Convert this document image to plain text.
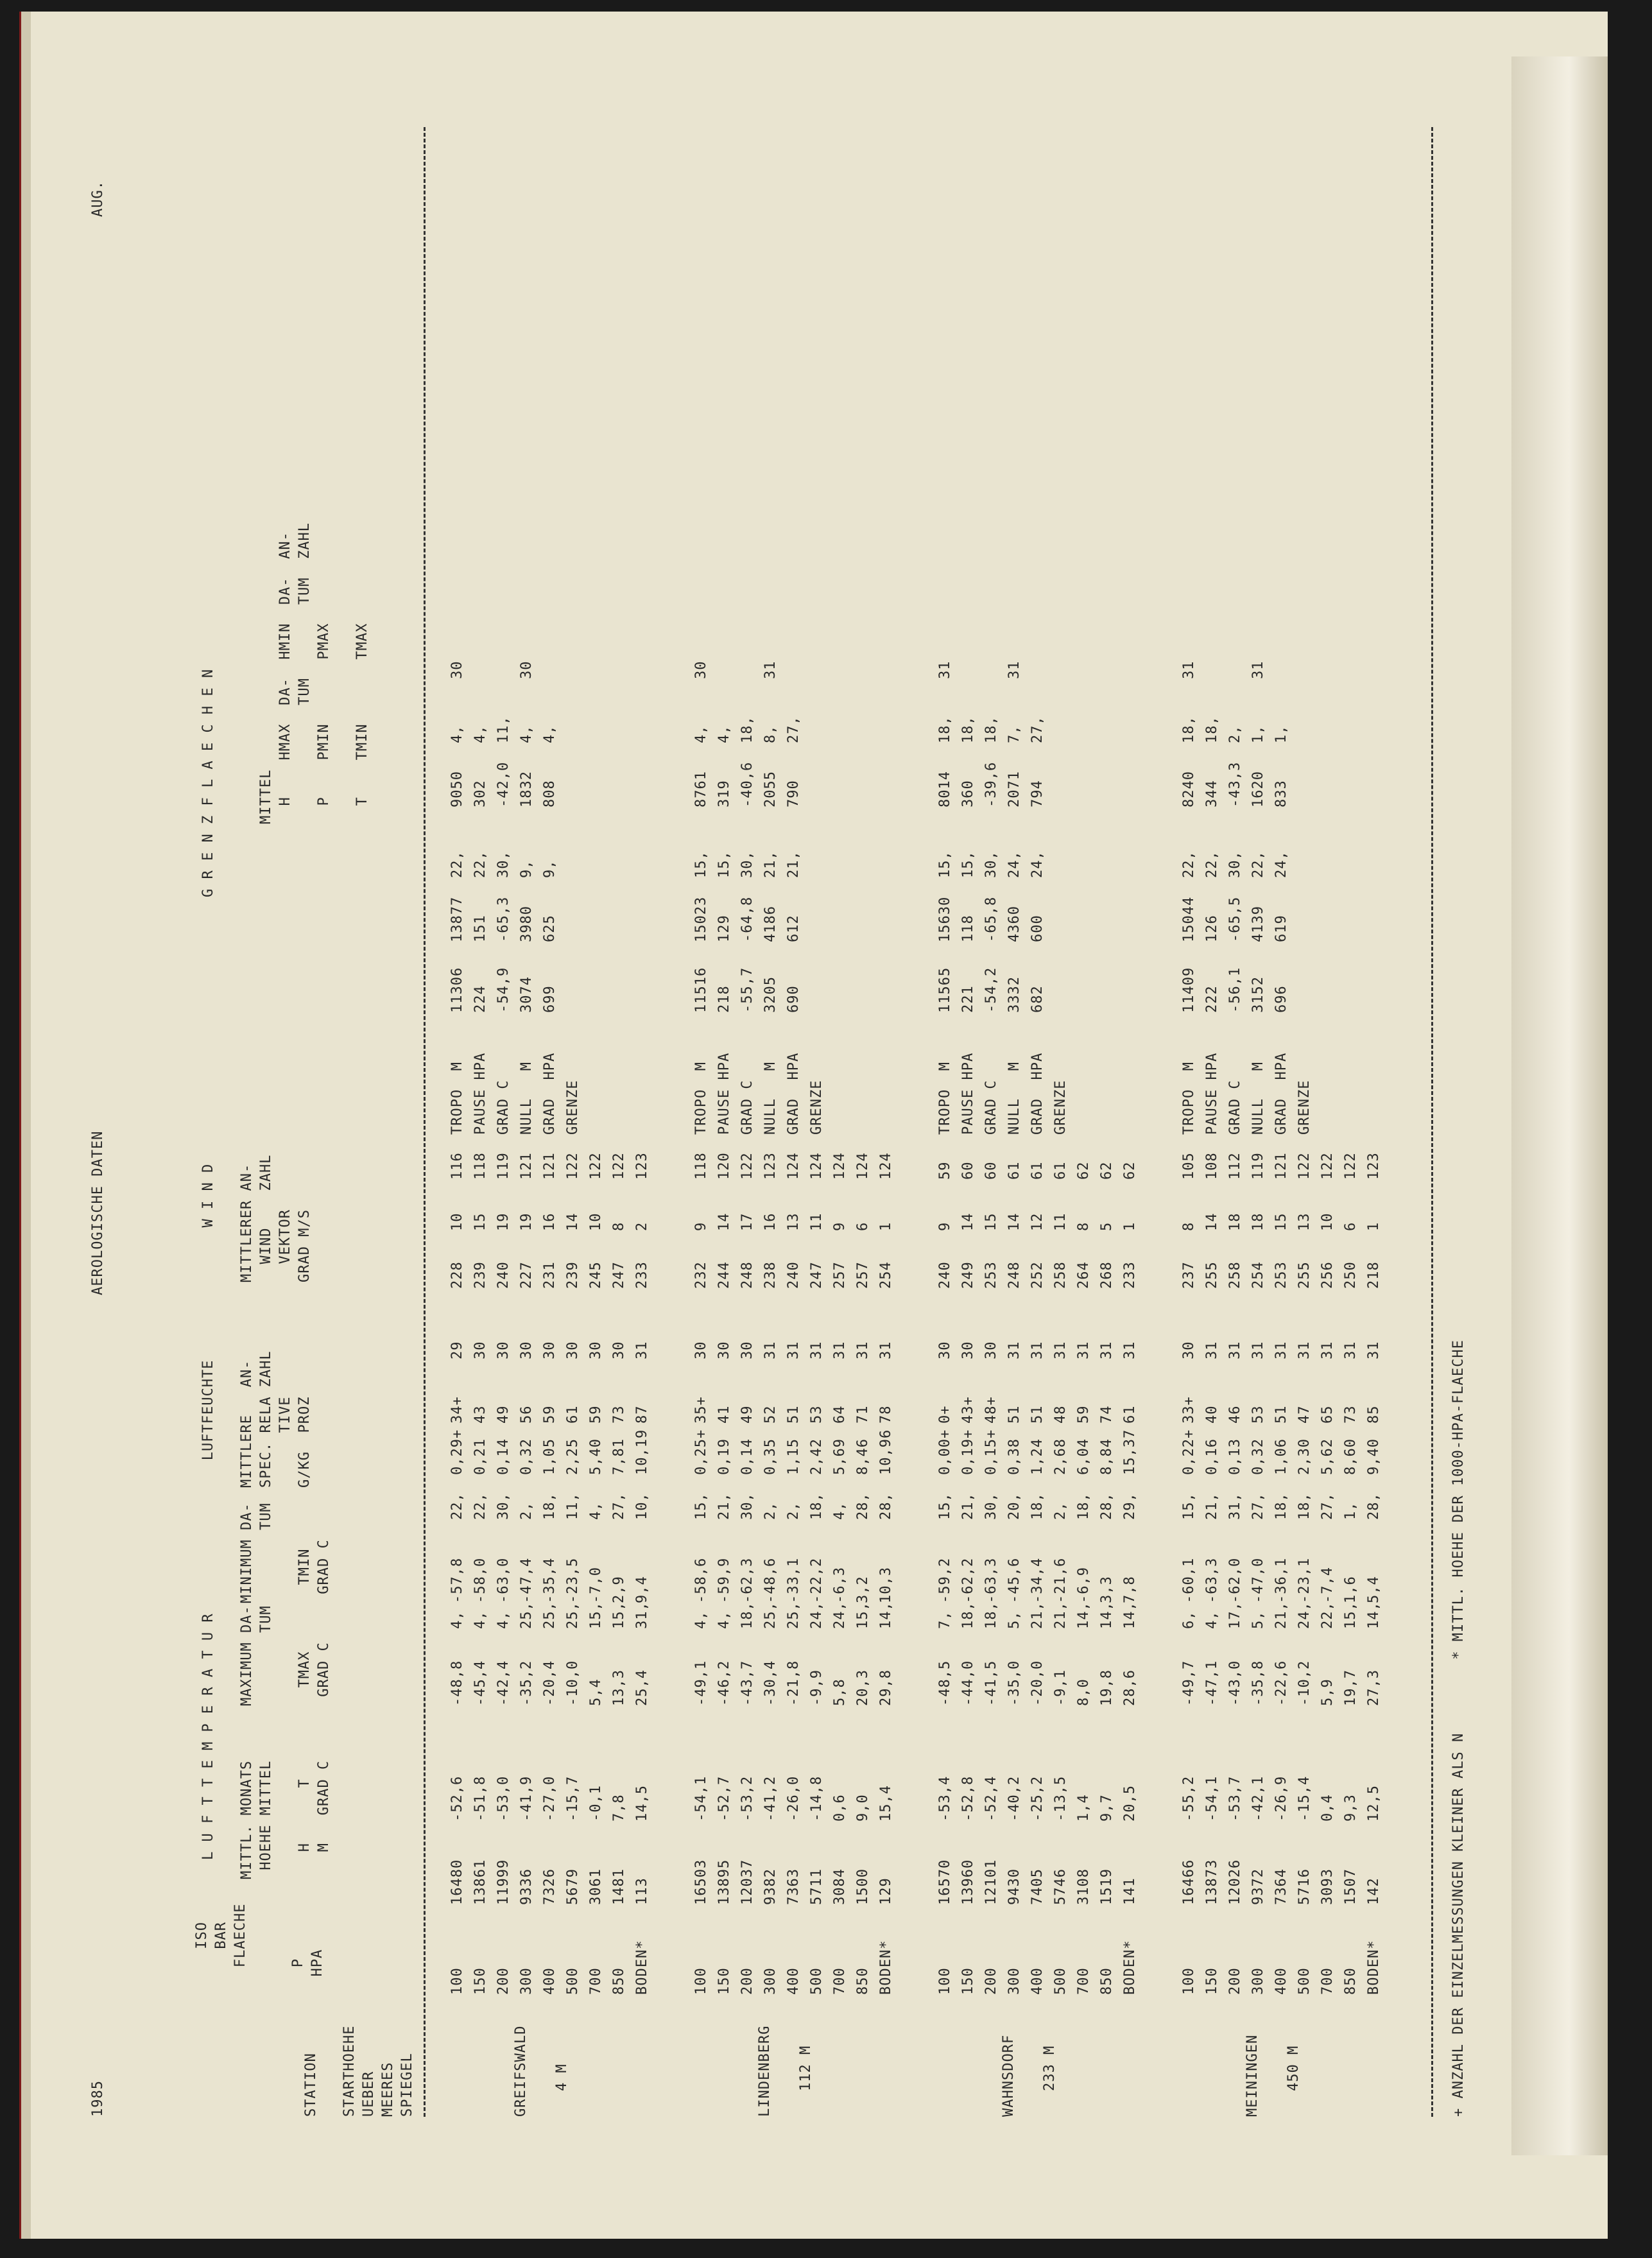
1985
AEROLOGISCHE DATEN
AUG.
STATION

STARTHOEHE
UEBER
MEERES
SPIEGEL
ISO
BAR
FLAECHE

P
HPA
L U F T T E M P E R A T U R MITTL. MONATS
HOEHE MITTEL

H      T
M   GRAD C
MAXIMUM DA-
TUM

TMAX
GRAD C
MINIMUM DA-
TUM

TMIN
GRAD C
LUFTFEUCHTE

MITTLERE   AN-
SPEC. RELA ZAHL
TIVE
G/KG  PROZ
W I N D

MITTLERER AN-
WIND    ZAHL
VEKTOR
GRAD M/S
G R E N Z F L A E C H E N	MITTEL
H    HMAX  DA-  HMIN  DA-  AN-
TUM        TUM  ZAHL
P    PMIN       PMAX

T    TMIN       TMAX
GREIFSWALD 4 M
100
16480
-52,6
-48,8
4,
-57,8
22,
0,29+
34+
29
228
10
116
150
13861
-51,8
-45,4
4,
-58,0
22,
0,21
43
30
239
15
118
200
11999
-53,0
-42,4
4,
-63,0
30,
0,14
49
30
240
19
119
300
9336
-41,9
-35,2
25,
-47,4
2,
0,32
56
30
227
19
121
400
7326
-27,0
-20,4
25,
-35,4
18,
1,05
59
30
231
16
121
500
5679
-15,7
-10,0
25,
-23,5
11,
2,25
61
30
239
14
122
700
3061
-0,1
5,4
15,
-7,0
4,
5,40
59
30
245
10
122
850
1481
7,8
13,3
15,
2,9
27,
7,81
73
30
247
8
122
BODEN*
113
14,5
25,4
31,
9,4
10,
10,19
87
31
233
2
123
TROPO  M
11306
13877
22,
9050
4,
30
PAUSE HPA
224
151
22,
302
4,
GRAD C
-54,9
-65,3
30,
-42,0
11,
NULL   M
3074
3980
9,
1832
4,
30
GRAD  HPA
699
625
9,
808
4,
GRENZE
LINDENBERG 112 M
100
16503
-54,1
-49,1
4,
-58,6
15,
0,25+
35+
30
232
9
118
150
13895
-52,7
-46,2
4,
-59,9
21,
0,19
41
30
244
14
120
200
12037
-53,2
-43,7
18,
-62,3
30,
0,14
49
30
248
17
122
300
9382
-41,2
-30,4
25,
-48,6
2,
0,35
52
31
238
16
123
400
7363
-26,0
-21,8
25,
-33,1
2,
1,15
51
31
240
13
124
500
5711
-14,8
-9,9
24,
-22,2
18,
2,42
53
31
247
11
124
700
3084
0,6
5,8
24,
-6,3
4,
5,69
64
31
257
9
124
850
1500
9,0
20,3
15,
3,2
28,
8,46
71
31
257
6
124
BODEN*
129
15,4
29,8
14,
10,3
28,
10,96
78
31
254
1
124
TROPO  M
11516
15023
15,
8761
4,
30
PAUSE HPA
218
129
15,
319
4,
GRAD C
-55,7
-64,8
30,
-40,6
18,
NULL   M
3205
4186
21,
2055
8,
31
GRAD  HPA
690
612
21,
790
27,
GRENZE
WAHNSDORF 233 M
100
16570
-53,4
-48,5
7,
-59,2
15,
0,00+
0+
30
240
9
59
150
13960
-52,8
-44,0
18,
-62,2
21,
0,19+
43+
30
249
14
60
200
12101
-52,4
-41,5
18,
-63,3
30,
0,15+
48+
30
253
15
60
300
9430
-40,2
-35,0
5,
-45,6
20,
0,38
51
31
248
14
61
400
7405
-25,2
-20,0
21,
-34,4
18,
1,24
51
31
252
12
61
500
5746
-13,5
-9,1
21,
-21,6
2,
2,68
48
31
258
11
61
700
3108
1,4
8,0
14,
-6,9
18,
6,04
59
31
264
8
62
850
1519
9,7
19,8
14,
3,3
28,
8,84
74
31
268
5
62
BODEN*
141
20,5
28,6
14,
7,8
29,
15,37
61
31
233
1
62
TROPO  M
11565
15630
15,
8014
18,
31
PAUSE HPA
221
118
15,
360
18,
GRAD C
-54,2
-65,8
30,
-39,6
18,
NULL   M
3332
4360
24,
2071
7,
31
GRAD  HPA
682
600
24,
794
27,
GRENZE
MEININGEN 450 M
100
16466
-55,2
-49,7
6,
-60,1
15,
0,22+
33+
30
237
8
105
150
13873
-54,1
-47,1
4,
-63,3
21,
0,16
40
31
255
14
108
200
12026
-53,7
-43,0
17,
-62,0
31,
0,13
46
31
258
18
112
300
9372
-42,1
-35,8
5,
-47,0
27,
0,32
53
31
254
18
119
400
7364
-26,9
-22,6
21,
-36,1
18,
1,06
51
31
253
15
121
500
5716
-15,4
-10,2
24,
-23,1
18,
2,30
47
31
255
13
122
700
3093
0,4
5,9
22,
-7,4
27,
5,62
65
31
256
10
122
850
1507
9,3
19,7
15,
1,6
1,
8,60
73
31
250
6
122
BODEN*
142
12,5
27,3
14,
5,4
28,
9,40
85
31
218
1
123
TROPO  M
11409
15044
22,
8240
18,
31
PAUSE HPA
222
126
22,
344
18,
GRAD C
-56,1
-65,5
30,
-43,3
2,
NULL   M
3152
4139
22,
1620
1,
31
GRAD  HPA
696
619
24,
833
1,
GRENZE
+ ANZAHL DER EINZELMESSUNGEN KLEINER ALS N        * MITTL. HOEHE DER 1000-HPA-FLAECHE
